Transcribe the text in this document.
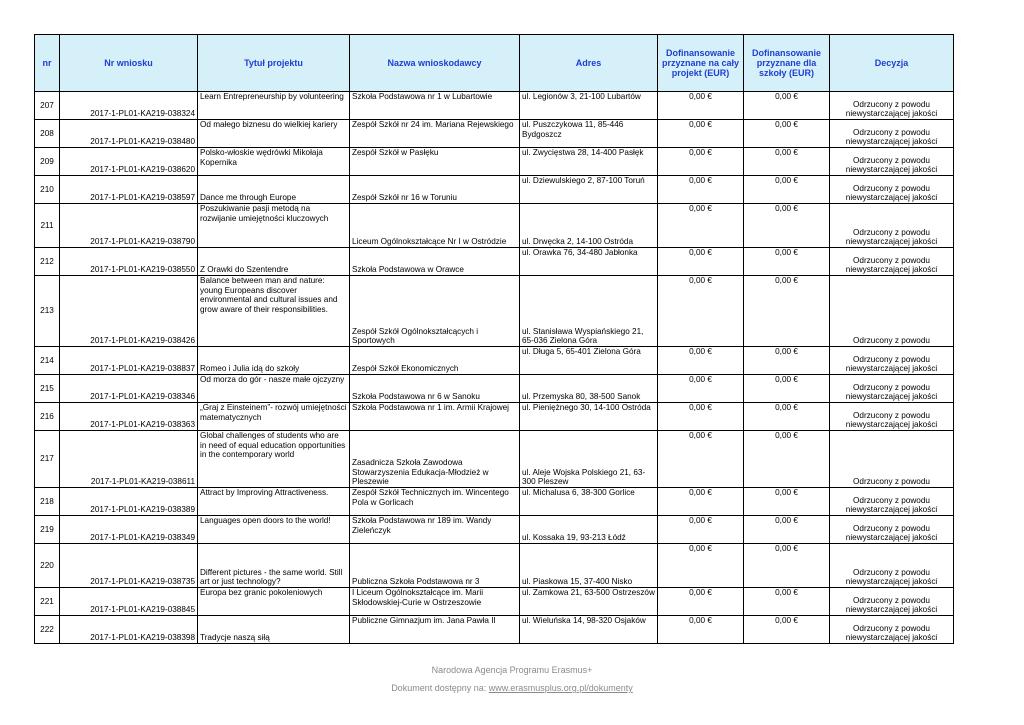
nr	Nr wniosku	Tytuł projektu	Nazwa wnioskodawcy	Adres	Dofinansowanie przyznane na cały projekt (EUR)	Dofinansowanie przyznane dla szkoły (EUR)	Decyzja
207	2017-1-PL01-KA219-038324	Learn Entrepreneurship by volunteering	Szkoła Podstawowa nr 1 w Lubartowie	ul. Legionów 3, 21-100 Lubartów	0,00 €	0,00 €	Odrzucony z powodu niewystarczającej jakości
208	2017-1-PL01-KA219-038480	Od małego biznesu do wielkiej kariery	Zespół Szkół nr 24 im. Mariana Rejewskiego	ul. Puszczykowa 11, 85-446 Bydgoszcz	0,00 €	0,00 €	Odrzucony z powodu niewystarczającej jakości
209	2017-1-PL01-KA219-038620	Polsko-włoskie wędrówki Mikołaja Kopernika	Zespół Szkół w Pasłęku	ul. Zwycięstwa 28, 14-400 Pasłęk	0,00 €	0,00 €	Odrzucony z powodu niewystarczającej jakości
210	2017-1-PL01-KA219-038597	Dance me through Europe	Zespół Szkół nr 16 w Toruniu	ul. Dziewulskiego 2, 87-100 Toruń	0,00 €	0,00 €	Odrzucony z powodu niewystarczającej jakości
211	2017-1-PL01-KA219-038790	Poszukiwanie pasji metodą na rozwijanie umiejętności kluczowych	Liceum Ogólnokształcące Nr I w Ostródzie	ul. Drwęcka 2, 14-100 Ostróda	0,00 €	0,00 €	Odrzucony z powodu niewystarczającej jakości
212	2017-1-PL01-KA219-038550	Z Orawki do Szentendre	Szkoła Podstawowa w Orawce	ul. Orawka 76, 34-480 Jabłonka	0,00 €	0,00 €	Odrzucony z powodu niewystarczającej jakości
213	2017-1-PL01-KA219-038426	Balance between man and nature: young Europeans discover environmental and cultural issues and grow aware of their responsibilities.	Zespół Szkół Ogólnokształcących i Sportowych	ul. Stanisława Wyspiańskiego 21, 65-036 Zielona Góra	0,00 €	0,00 €	Odrzucony z powodu
214	2017-1-PL01-KA219-038837	Romeo i Julia idą do szkoły	Zespół Szkół Ekonomicznych	ul. Długa 5, 65-401 Zielona Góra	0,00 €	0,00 €	Odrzucony z powodu niewystarczającej jakości
215	2017-1-PL01-KA219-038346	Od morza do gór - nasze małe ojczyzny	Szkoła Podstawowa nr 6 w Sanoku	ul. Przemyska 80, 38-500 Sanok	0,00 €	0,00 €	Odrzucony z powodu niewystarczającej jakości
216	2017-1-PL01-KA219-038363	„Graj z Einsteinem”- rozwój umiejętności matematycznych	Szkoła Podstawowa nr 1 im. Armii Krajowej	ul. Pieniężnego 30, 14-100 Ostróda	0,00 €	0,00 €	Odrzucony z powodu niewystarczającej jakości
217	2017-1-PL01-KA219-038611	Global challenges of students who are in need of equal education opportunities in the contemporary world	Zasadnicza Szkoła Zawodowa Stowarzyszenia Edukacja-Młodzież w Pleszewie	ul. Aleje Wojska Polskiego 21, 63-300 Pleszew	0,00 €	0,00 €	Odrzucony z powodu
218	2017-1-PL01-KA219-038389	Attract by Improving Attractiveness.	Zespół Szkół Technicznych im. Wincentego Pola w Gorlicach	ul. Michalusa 6, 38-300 Gorlice	0,00 €	0,00 €	Odrzucony z powodu niewystarczającej jakości
219	2017-1-PL01-KA219-038349	Languages open doors to the world!	Szkoła Podstawowa nr 189 im. Wandy Zieleńczyk	ul. Kossaka 19, 93-213 Łódź	0,00 €	0,00 €	Odrzucony z powodu niewystarczającej jakości
220	2017-1-PL01-KA219-038735	Different pictures - the same world. Still art or just technology?	Publiczna Szkoła Podstawowa nr 3	ul. Piaskowa 15, 37-400 Nisko	0,00 €	0,00 €	Odrzucony z powodu niewystarczającej jakości
221	2017-1-PL01-KA219-038845	Europa bez granic pokoleniowych	I Liceum Ogólnokształcące im. Marii Skłodowskiej-Curie w Ostrzeszowie	ul. Zamkowa 21, 63-500 Ostrzeszów	0,00 €	0,00 €	Odrzucony z powodu niewystarczającej jakości
222	2017-1-PL01-KA219-038398	Tradycje naszą siłą	Publiczne Gimnazjum im. Jana Pawła II	ul. Wieluńska 14, 98-320 Osjaków	0,00 €	0,00 €	Odrzucony z powodu niewystarczającej jakości
Narodowa Agencja Programu Erasmus+
Dokument dostępny na: www.erasmusplus.org.pl/dokumenty
